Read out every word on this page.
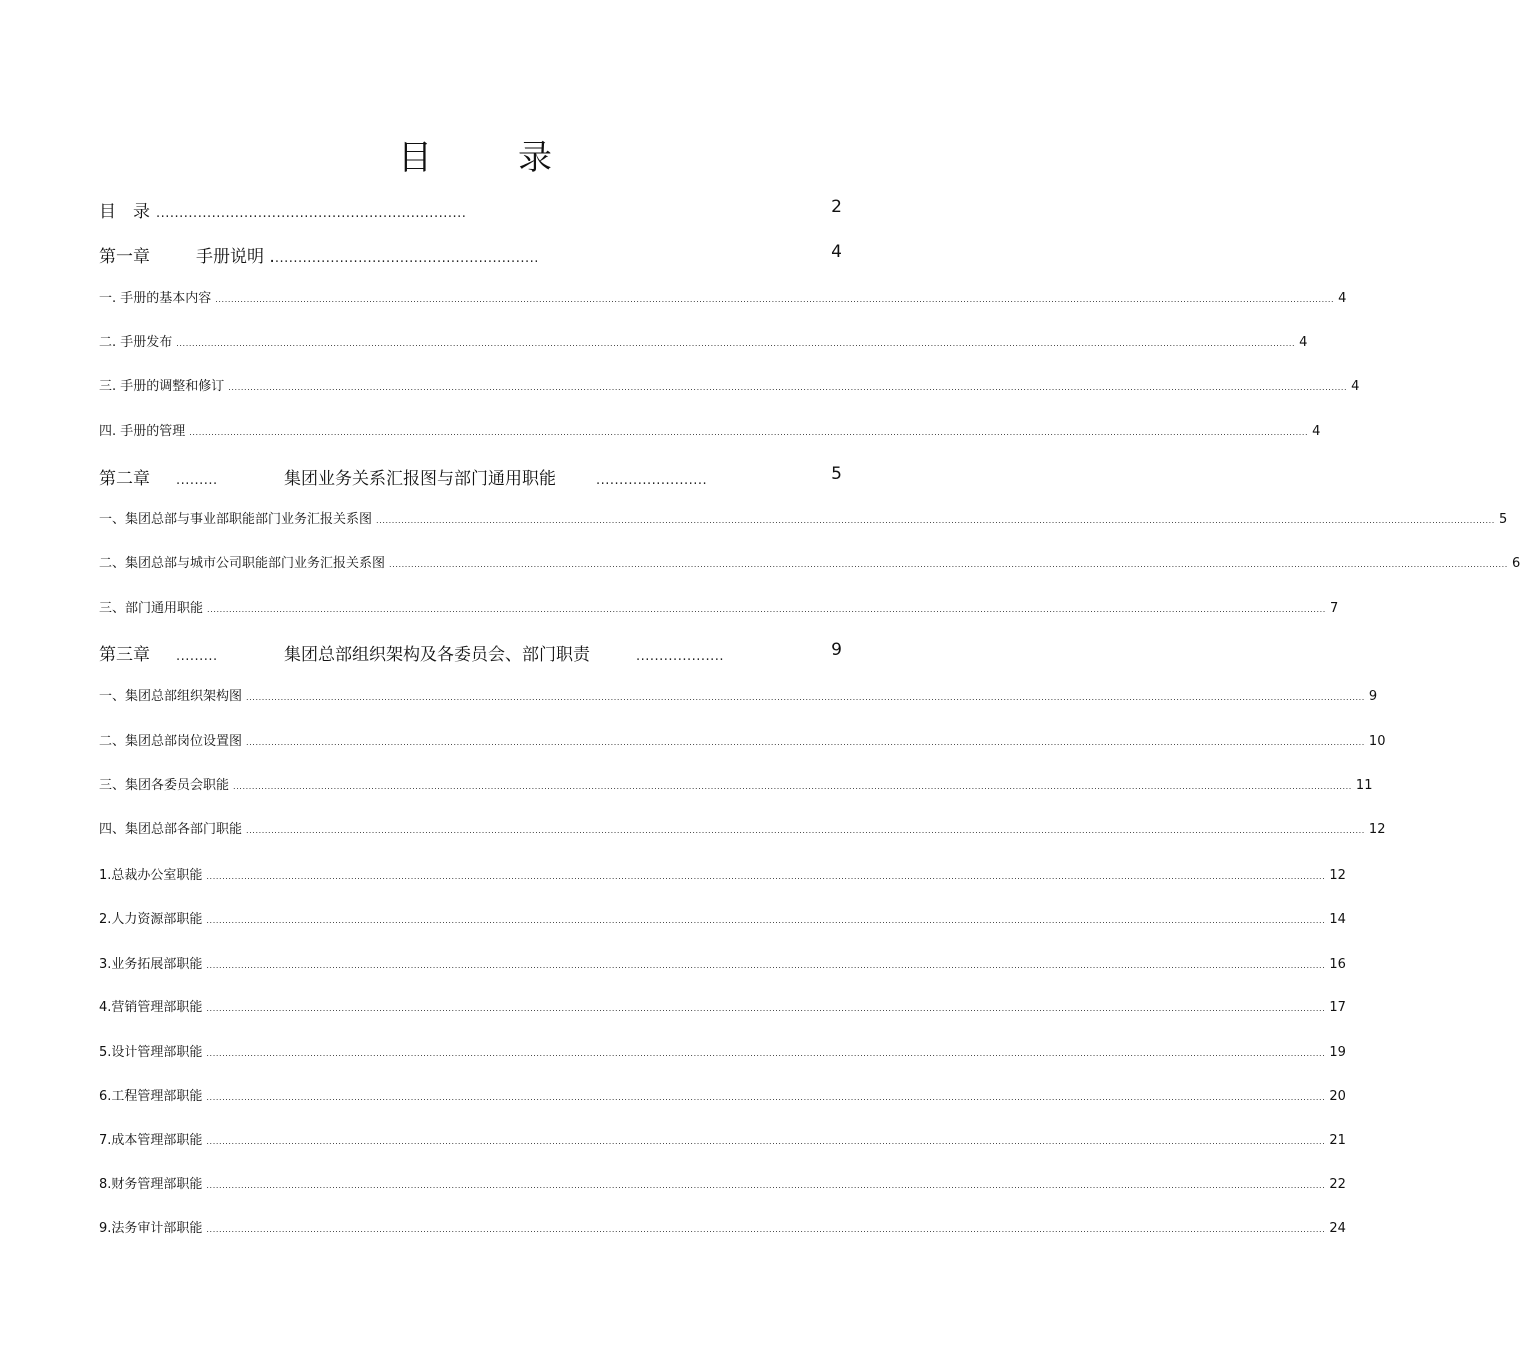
目　录
目　录 ...................................................................	2
第一章	手册说明 . .........................................................	4
一. 手册的基本内容 .................................................................................................................................................................................................................................................................................................................................................................... 4
二. 手册发布 .................................................................................................................................................................................................................................................................................................................................................................... 4
三. 手册的调整和修订 .................................................................................................................................................................................................................................................................................................................................................................... 4
四. 手册的管理 .................................................................................................................................................................................................................................................................................................................................................................... 4
第二章	.........	集团业务关系汇报图与部门通用职能	........................	5
一、 集团总部与事业部职能部门业务汇报关系图 .................................................................................................................................................................................................................................................................................................................................................................... 5
二、 集团总部与城市公司职能部门业务汇报关系图 .................................................................................................................................................................................................................................................................................................................................................................... 6
三、 部门通用职能 .................................................................................................................................................................................................................................................................................................................................................................... 7
第三章	.........	集团总部组织架构及各委员会、部门职责	...................	9
一、集团总部组织架构图 .................................................................................................................................................................................................................................................................................................................................................................... 9
二、集团总部岗位设置图 .................................................................................................................................................................................................................................................................................................................................................................... 10
三、集团各委员会职能 .................................................................................................................................................................................................................................................................................................................................................................... 11
四、集团总部各部门职能 .................................................................................................................................................................................................................................................................................................................................................................... 12
1.总裁办公室职能 .................................................................................................................................................................................................................................................................................................................................................................... 12
2.人力资源部职能 .................................................................................................................................................................................................................................................................................................................................................................... 14
3.业务拓展部职能 .................................................................................................................................................................................................................................................................................................................................................................... 16
4.营销管理部职能 .................................................................................................................................................................................................................................................................................................................................................................... 17
5.设计管理部职能 .................................................................................................................................................................................................................................................................................................................................................................... 19
6.工程管理部职能 .................................................................................................................................................................................................................................................................................................................................................................... 20
7.成本管理部职能 .................................................................................................................................................................................................................................................................................................................................................................... 21
8.财务管理部职能 .................................................................................................................................................................................................................................................................................................................................................................... 22
9.法务审计部职能 .................................................................................................................................................................................................................................................................................................................................................................... 24
